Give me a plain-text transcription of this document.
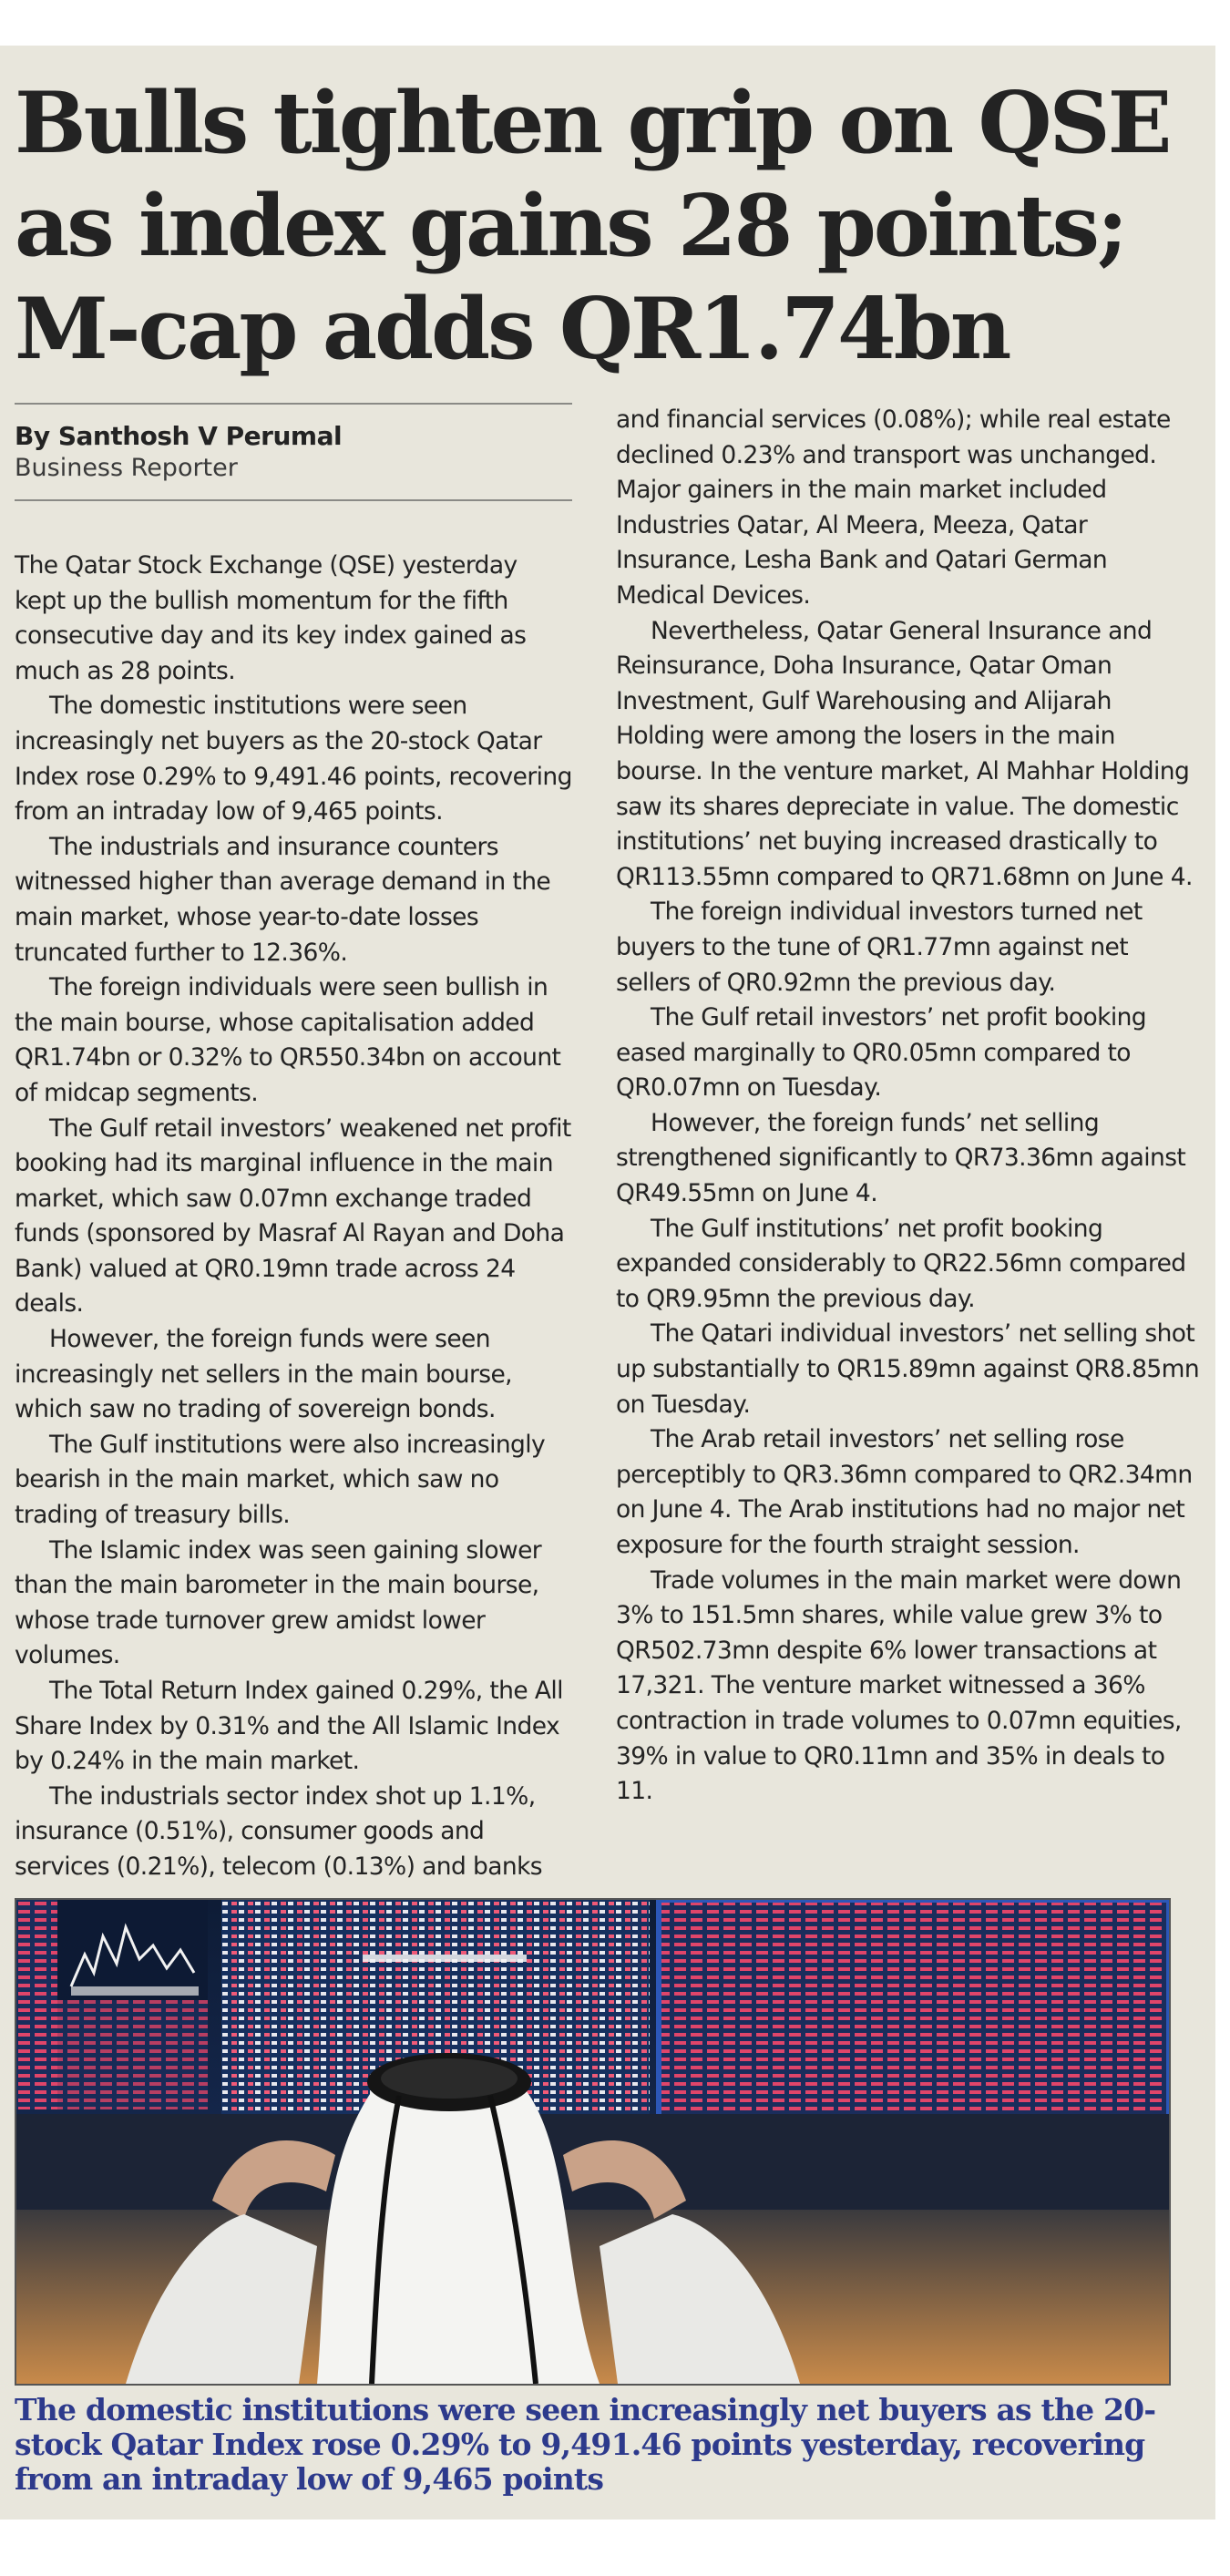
Bulls tighten grip on QSE
as index gains 28 points;
M-cap adds QR1.74bn
By Santhosh V Perumal
Business Reporter

The Qatar Stock Exchange (QSE) yesterday kept up the bullish momentum for the fifth consecutive day and its key index gained as much as 28 points.

The domestic institutions were seen increasingly net buyers as the 20-stock Qatar Index rose 0.29% to 9,491.46 points, recovering from an intraday low of 9,465 points.

The industrials and insurance counters witnessed higher than average demand in the main market, whose year-to-date losses truncated further to 12.36%.

The foreign individuals were seen bullish in the main bourse, whose capitalisation added QR1.74bn or 0.32% to QR550.34bn on account of midcap segments.

The Gulf retail investors’ weakened net profit booking had its marginal influence in the main market, which saw 0.07mn exchange traded funds (sponsored by Masraf Al Rayan and Doha Bank) valued at QR0.19mn trade across 24 deals.

However, the foreign funds were seen increasingly net sellers in the main bourse, which saw no trading of sovereign bonds.

The Gulf institutions were also increasingly bearish in the main market, which saw no trading of treasury bills.

The Islamic index was seen gaining slower than the main barometer in the main bourse, whose trade turnover grew amidst lower volumes.

The Total Return Index gained 0.29%, the All Share Index by 0.31% and the All Islamic Index by 0.24% in the main market.

The industrials sector index shot up 1.1%, insurance (0.51%), consumer goods and services (0.21%), telecom (0.13%) and banks

and financial services (0.08%); while real estate declined 0.23% and transport was unchanged. Major gainers in the main market included Industries Qatar, Al Meera, Meeza, Qatar Insurance, Lesha Bank and Qatari German Medical Devices.

Nevertheless, Qatar General Insurance and Reinsurance, Doha Insurance, Qatar Oman Investment, Gulf Warehousing and Alijarah Holding were among the losers in the main bourse. In the venture market, Al Mahhar Holding saw its shares depreciate in value. The domestic institutions’ net buying increased drastically to QR113.55mn compared to QR71.68mn on June 4.

The foreign individual investors turned net buyers to the tune of QR1.77mn against net sellers of QR0.92mn the previous day.

The Gulf retail investors’ net profit booking eased marginally to QR0.05mn compared to QR0.07mn on Tuesday.

However, the foreign funds’ net selling strengthened significantly to QR73.36mn against QR49.55mn on June 4.

The Gulf institutions’ net profit booking expanded considerably to QR22.56mn compared to QR9.95mn the previous day.

The Qatari individual investors’ net selling shot up substantially to QR15.89mn against QR8.85mn on Tuesday.

The Arab retail investors’ net selling rose perceptibly to QR3.36mn compared to QR2.34mn on June 4. The Arab institutions had no major net exposure for the fourth straight session.

Trade volumes in the main market were down 3% to 151.5mn shares, while value grew 3% to QR502.73mn despite 6% lower transactions at 17,321. The venture market witnessed a 36% contraction in trade volumes to 0.07mn equities, 39% in value to QR0.11mn and 35% in deals to 11.

The domestic institutions were seen increasingly net buyers as the 20-stock Qatar Index rose 0.29% to 9,491.46 points yesterday, recovering from an intraday low of 9,465 points
